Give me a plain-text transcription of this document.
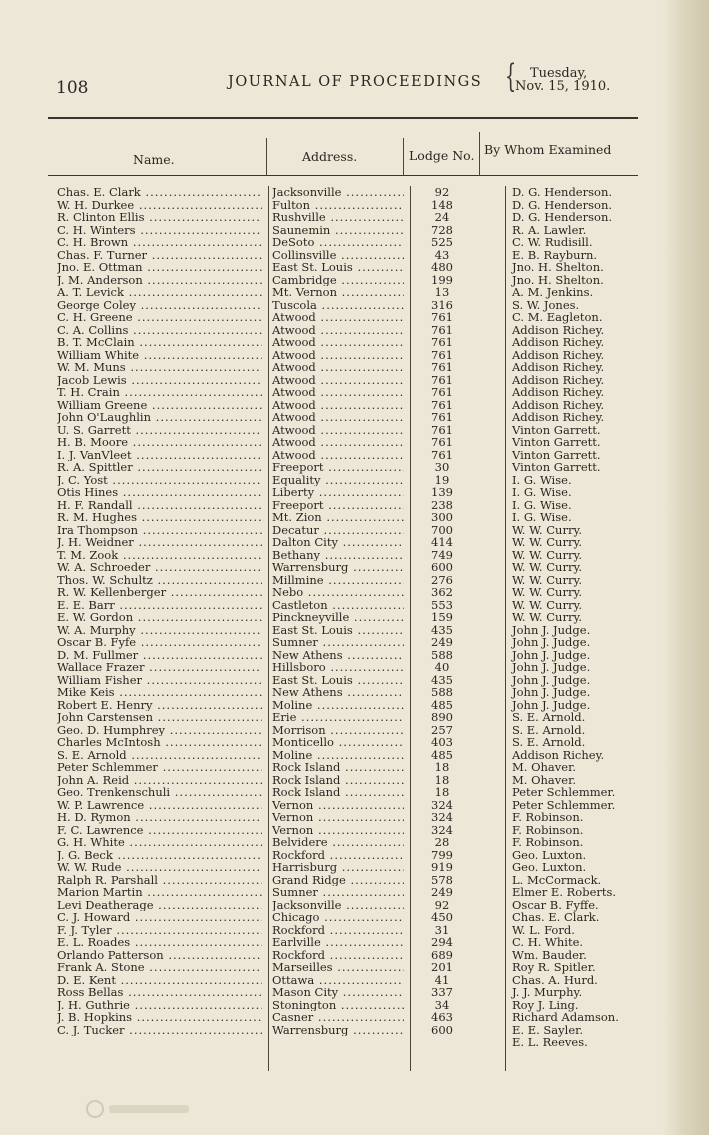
108	JOURNAL OF PROCEEDINGS { Tuesday,
Nov. 15, 1910.
Name.	Address.	Lodge No. By Whom Examined
Chas. E. Clark .....	Jacksonville .....	92	D. G. Henderson.
W. H. Durkee .....	Fulton .....	148	D. G. Henderson.
R. Clinton Ellis .....	Rushville .....	24	D. G. Henderson.
C. H. Winters .....	Saunemin .....	728	R. A. Lawler.
C. H. Brown .....	DeSoto .....	525	C. W. Rudisill.
Chas. F. Turner .....	Collinsville .....	43	E. B. Rayburn.
Jno. E. Ottman .....	East St. Louis .....	480	Jno. H. Shelton.
J. M. Anderson .....	Cambridge .....	199	Jno. H. Shelton.
A. T. Levick .....	Mt. Vernon .....	13	A. M. Jenkins.
George Coley .....	Tuscola .....	316	S. W. Jones.
C. H. Greene .....	Atwood .....	761	C. M. Eagleton.
C. A. Collins .....	Atwood .....	761	Addison Richey.
B. T. McClain .....	Atwood .....	761	Addison Richey.
William White .....	Atwood .....	761	Addison Richey.
W. M. Muns .....	Atwood .....	761	Addison Richey.
Jacob Lewis .....	Atwood .....	761	Addison Richey.
T. H. Crain .....	Atwood .....	761	Addison Richey.
William Greene .....	Atwood .....	761	Addison Richey.
John O'Laughlin .....	Atwood .....	761	Addison Richey.
U. S. Garrett .....	Atwood .....	761	Vinton Garrett.
H. B. Moore .....	Atwood .....	761	Vinton Garrett.
I. J. VanVleet .....	Atwood .....	761	Vinton Garrett.
R. A. Spittler .....	Freeport .....	30	Vinton Garrett.
J. C. Yost .....	Equality .....	19	I. G. Wise.
Otis Hines .....	Liberty .....	139	I. G. Wise.
H. F. Randall .....	Freeport .....	238	I. G. Wise.
R. M. Hughes .....	Mt. Zion .....	300	I. G. Wise.
Ira Thompson .....	Decatur .....	700	W. W. Curry.
J. H. Weidner .....	Dalton City .....	414	W. W. Curry.
T. M. Zook .....	Bethany .....	749	W. W. Curry.
W. A. Schroeder .....	Warrensburg .....	600	W. W. Curry.
Thos. W. Schultz .....	Millmine .....	276	W. W. Curry.
R. W. Kellenberger .....	Nebo .....	362	W. W. Curry.
E. E. Barr .....	Castleton .....	553	W. W. Curry.
E. W. Gordon .....	Pinckneyville .....	159	W. W. Curry.
W. A. Murphy .....	East St. Louis .....	435	John J. Judge.
Oscar B. Fyfe .....	Sumner .....	249	John J. Judge.
D. M. Fullmer .....	New Athens .....	588	John J. Judge.
Wallace Frazer .....	Hillsboro .....	40	John J. Judge.
William Fisher .....	East St. Louis .....	435	John J. Judge.
Mike Keis .....	New Athens .....	588	John J. Judge.
Robert E. Henry .....	Moline .....	485	John J. Judge.
John Carstensen .....	Erie .....	890	S. E. Arnold.
Geo. D. Humphrey .....	Morrison .....	257	S. E. Arnold.
Charles McIntosh .....	Monticello .....	403	S. E. Arnold.
S. E. Arnold .....	Moline .....	485	Addison Richey.
Peter Schlemmer .....	Rock Island .....	18	M. Ohaver.
John A. Reid .....	Rock Island .....	18	M. Ohaver.
Geo. Trenkenschuli .....	Rock Island .....	18	Peter Schlemmer.
W. P. Lawrence .....	Vernon .....	324	Peter Schlemmer.
H. D. Rymon .....	Vernon .....	324	F. Robinson.
F. C. Lawrence .....	Vernon .....	324	F. Robinson.
G. H. White .....	Belvidere .....	28	F. Robinson.
J. G. Beck .....	Rockford .....	799	Geo. Luxton.
W. W. Rude .....	Harrisburg .....	919	Geo. Luxton.
Ralph R. Parshall .....	Grand Ridge .....	578	L. McCormack.
Marion Martin .....	Sumner .....	249	Elmer E. Roberts.
Levi Deatherage .....	Jacksonville .....	92	Oscar B. Fyffe.
C. J. Howard .....	Chicago .....	450	Chas. E. Clark.
F. J. Tyler .....	Rockford .....	31	W. L. Ford.
E. L. Roades .....	Earlville .....	294	C. H. White.
Orlando Patterson .....	Rockford .....	689	Wm. Bauder.
Frank A. Stone .....	Marseilles .....	201	Roy R. Spitler.
D. E. Kent .....	Ottawa .....	41	Chas. A. Hurd.
Ross Bellas .....	Mason City .....	337	J. J. Murphy.
J. H. Guthrie .....	Stonington .....	34	Roy J. Ling.
J. B. Hopkins .....	Casner .....	463	Richard Adamson.
C. J. Tucker .....	Warrensburg .....	600	E. E. Sayler.
E. L. Reeves.
